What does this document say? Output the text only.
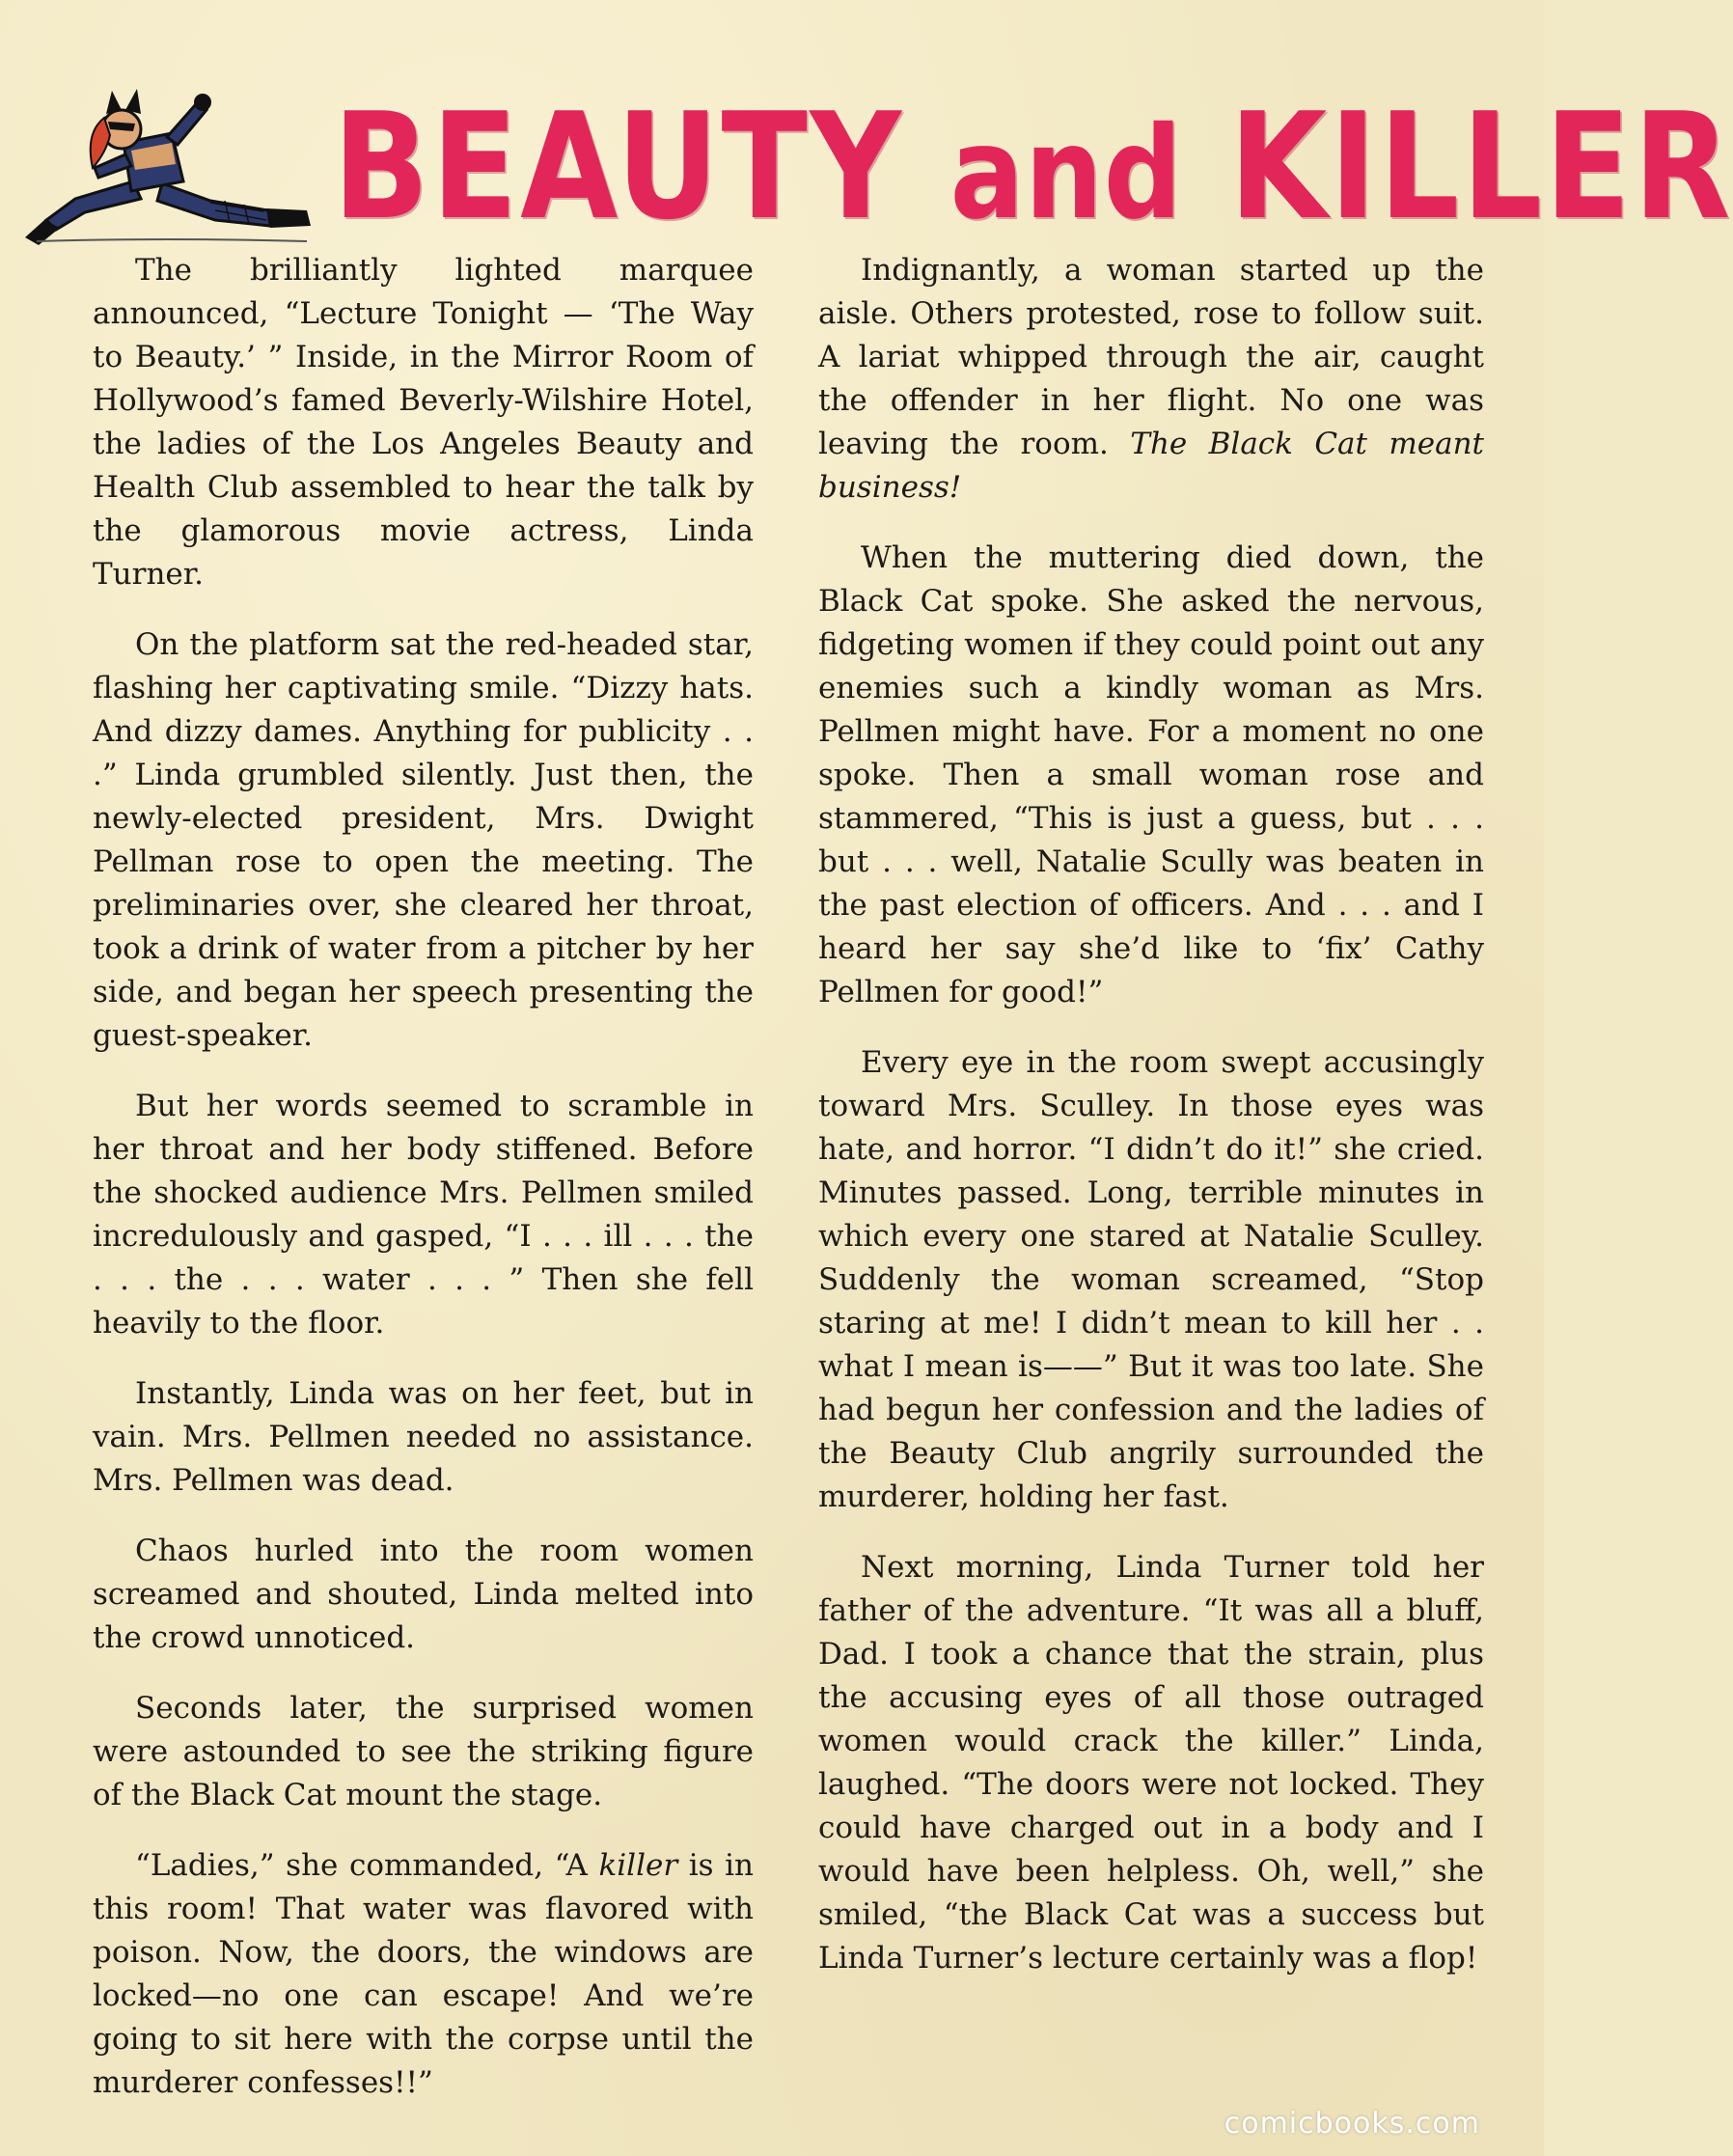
BEAUTY and KILLER

The brilliantly lighted marquee announced, “Lecture Tonight — ‘The Way to Beauty.’ ” Inside, in the Mirror Room of Hollywood’s famed Beverly-Wilshire Hotel, the ladies of the Los Angeles Beauty and Health Club assembled to hear the talk by the glamorous movie actress, Linda Turner.

On the platform sat the red-headed star, flashing her captivating smile. “Dizzy hats. And dizzy dames. Anything for publicity . . .” Linda grumbled silently. Just then, the newly-elected president, Mrs. Dwight Pellman rose to open the meeting. The preliminaries over, she cleared her throat, took a drink of water from a pitcher by her side, and began her speech presenting the guest-speaker.

But her words seemed to scramble in her throat and her body stiffened. Before the shocked audience Mrs. Pellmen smiled incredulously and gasped, “I . . . ill . . . the . . . the . . . water . . . ” Then she fell heavily to the floor.

Instantly, Linda was on her feet, but in vain. Mrs. Pellmen needed no assistance. Mrs. Pellmen was dead.

Chaos hurled into the room women screamed and shouted, Linda melted into the crowd unnoticed.

Seconds later, the surprised women were astounded to see the striking figure of the Black Cat mount the stage.

“Ladies,” she commanded, “A killer is in this room! That water was flavored with poison. Now, the doors, the windows are locked—no one can escape! And we’re going to sit here with the corpse until the murderer confesses!!”

Indignantly, a woman started up the aisle. Others protested, rose to follow suit. A lariat whipped through the air, caught the offender in her flight. No one was leaving the room. The Black Cat meant business!

When the muttering died down, the Black Cat spoke. She asked the nervous, fidgeting women if they could point out any enemies such a kindly woman as Mrs. Pellmen might have. For a moment no one spoke. Then a small woman rose and stammered, “This is just a guess, but . . . but . . . well, Natalie Scully was beaten in the past election of officers. And . . . and I heard her say she’d like to ‘fix’ Cathy Pellmen for good!”

Every eye in the room swept accusingly toward Mrs. Sculley. In those eyes was hate, and horror. “I didn’t do it!” she cried. Minutes passed. Long, terrible minutes in which every one stared at Natalie Sculley. Suddenly the woman screamed, “Stop staring at me! I didn’t mean to kill her . . what I mean is——” But it was too late. She had begun her confession and the ladies of the Beauty Club angrily surrounded the murderer, holding her fast.

Next morning, Linda Turner told her father of the adventure. “It was all a bluff, Dad. I took a chance that the strain, plus the accusing eyes of all those outraged women would crack the killer.” Linda, laughed. “The doors were not locked. They could have charged out in a body and I would have been helpless. Oh, well,” she smiled, “the Black Cat was a success but Linda Turner’s lecture certainly was a flop!

comicbooks.com
